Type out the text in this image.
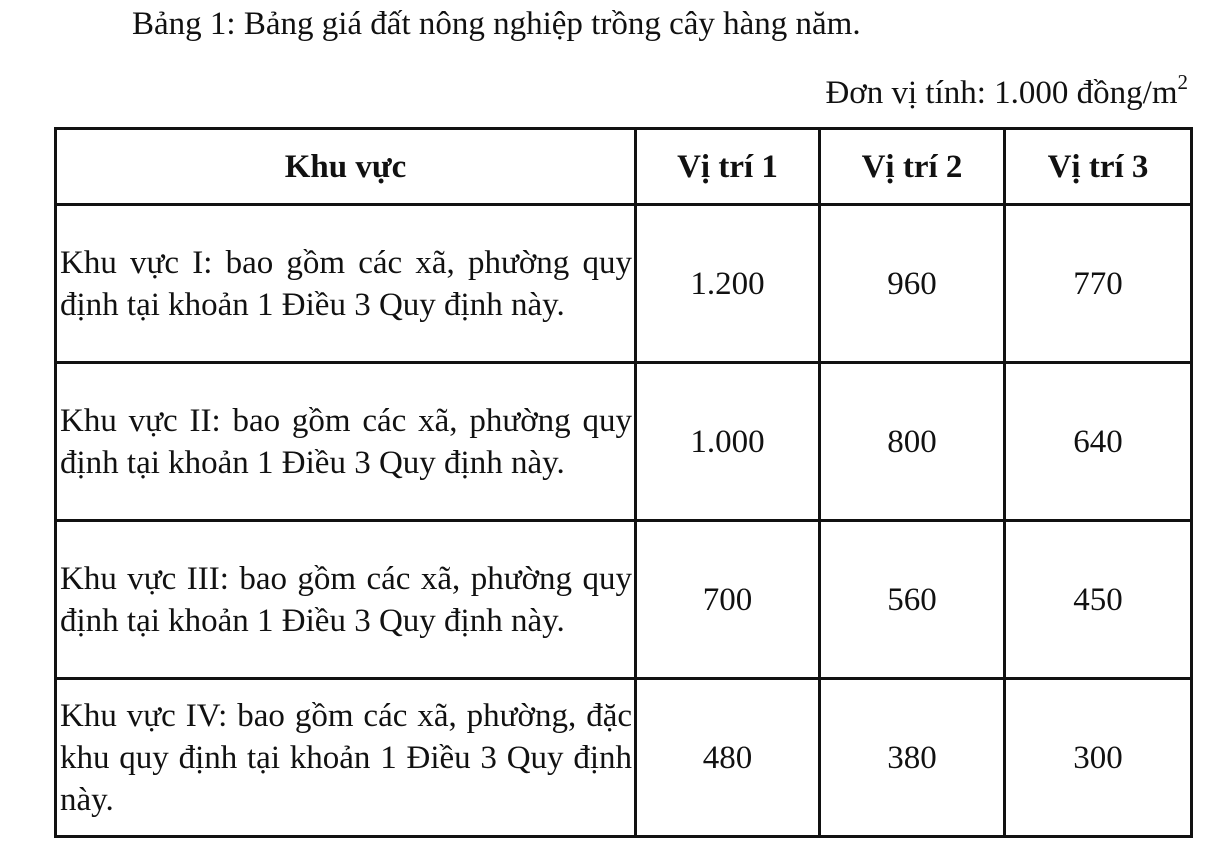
Bảng 1: Bảng giá đất nông nghiệp trồng cây hàng năm.
Đơn vị tính: 1.000 đồng/$m^2$
Khu vực	Vị trí 1	Vị trí 2	Vị trí 3
Khu vực I: bao gồm các xã, phường quy định tại khoản 1 Điều 3 Quy định này.	1.200	960	770
Khu vực II: bao gồm các xã, phường quy định tại khoản 1 Điều 3 Quy định này.	1.000	800	640
Khu vực III: bao gồm các xã, phường quy định tại khoản 1 Điều 3 Quy định này.	700	560	450
Khu vực IV: bao gồm các xã, phường, đặc khu quy định tại khoản 1 Điều 3 Quy định này.	480	380	300
